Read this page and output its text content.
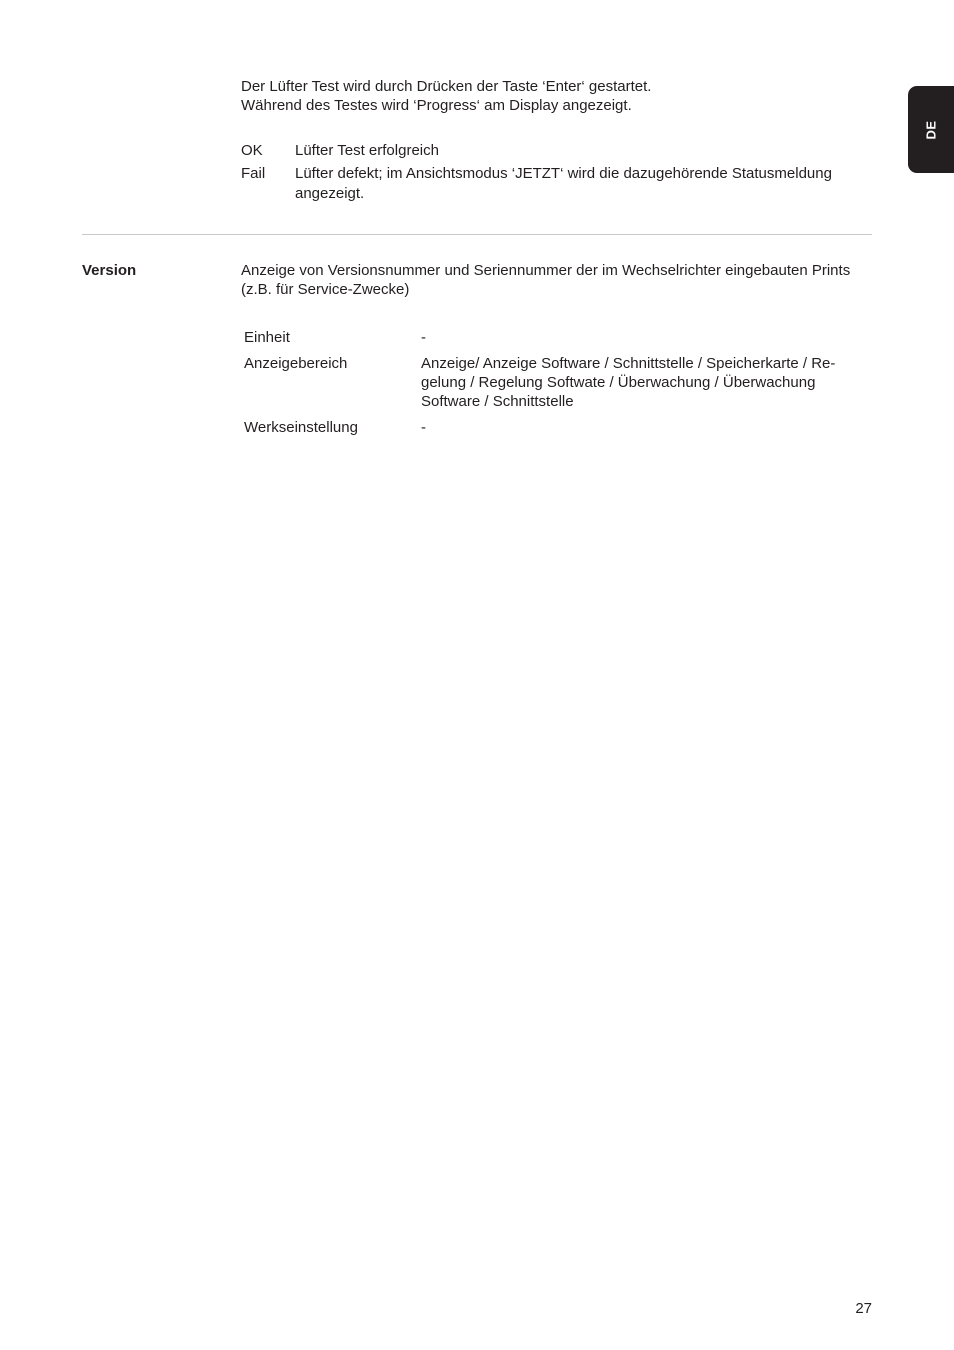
Der Lüfter Test wird durch Drücken der Taste ‘Enter‘ gestartet.

Während des Testes wird ‘Progress‘ am Display angezeigt.

OK	Lüfter Test erfolgreich
Fail	Lüfter defekt; im Ansichtsmodus ‘JETZT‘ wird die dazugehörende Statusmeldung angezeigt.
Version	Anzeige von Versionsnummer und Seriennummer der im Wechselrichter eingebauten Prints (z.B. für Service-Zwecke)
Einheit	-
Anzeigebereich	Anzeige/ Anzeige Software / Schnittstelle / Speicherkarte / Re-gelung / Regelung Softwate / Überwachung / Überwachung Software / Schnittstelle
Werkseinstellung	-
DE
27
